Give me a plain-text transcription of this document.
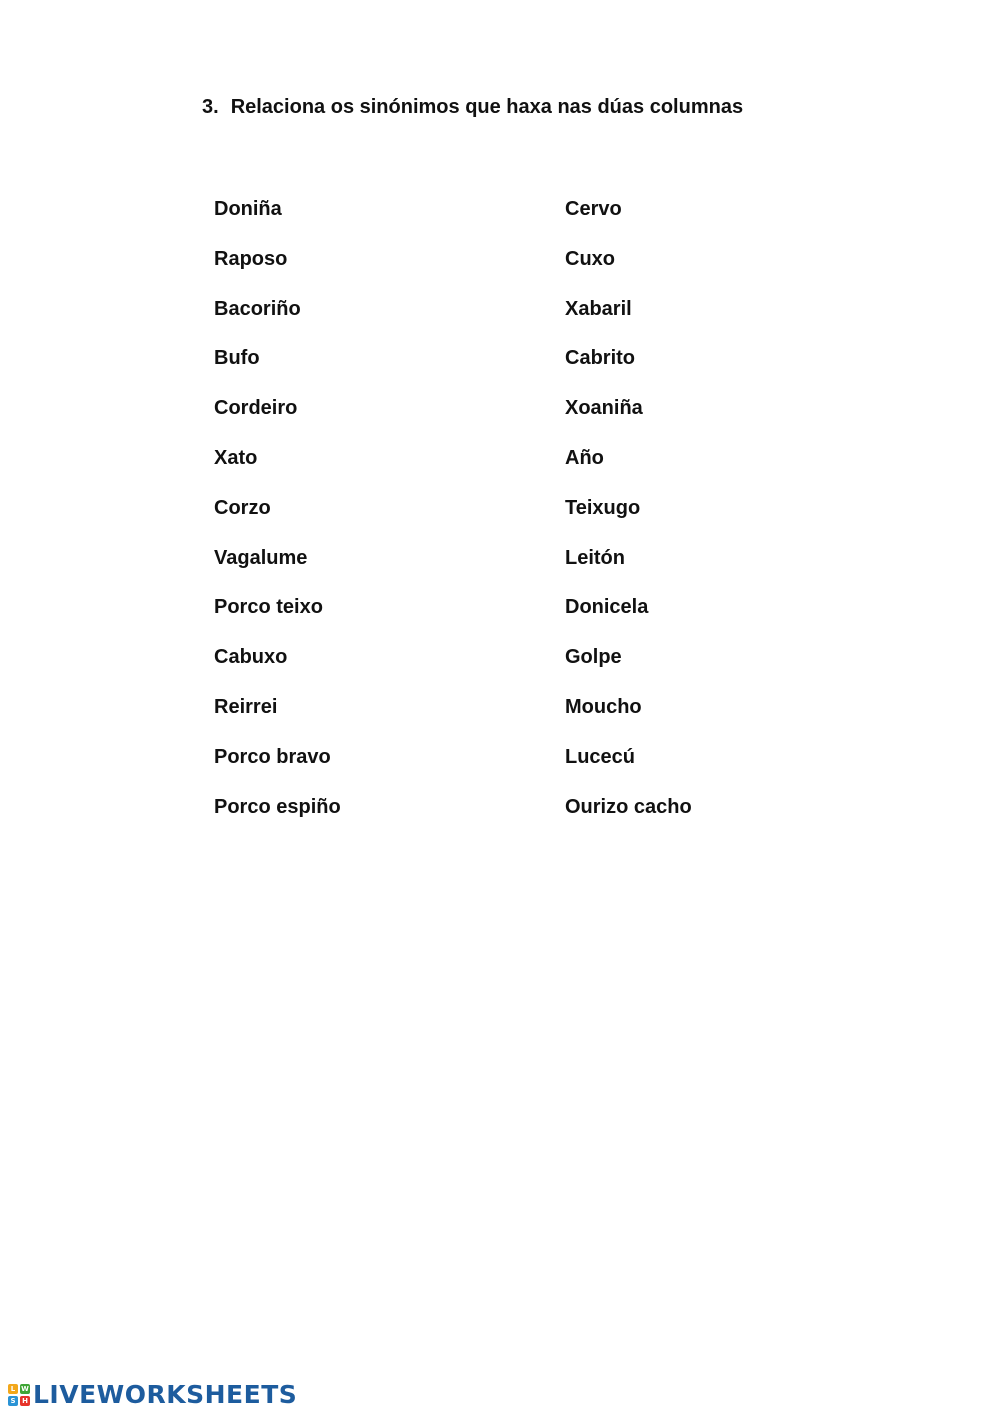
3. Relaciona os sinónimos que haxa nas dúas columnas
Doniña
Raposo
Bacoriño
Bufo
Cordeiro
Xato
Corzo
Vagalume
Porco teixo
Cabuxo
Reirrei
Porco bravo
Porco espiño
Cervo
Cuxo
Xabaril
Cabrito
Xoaniña
Año
Teixugo
Leitón
Donicela
Golpe
Moucho
Lucecú
Ourizo cacho
L W
S H LIVEWORKSHEETS
